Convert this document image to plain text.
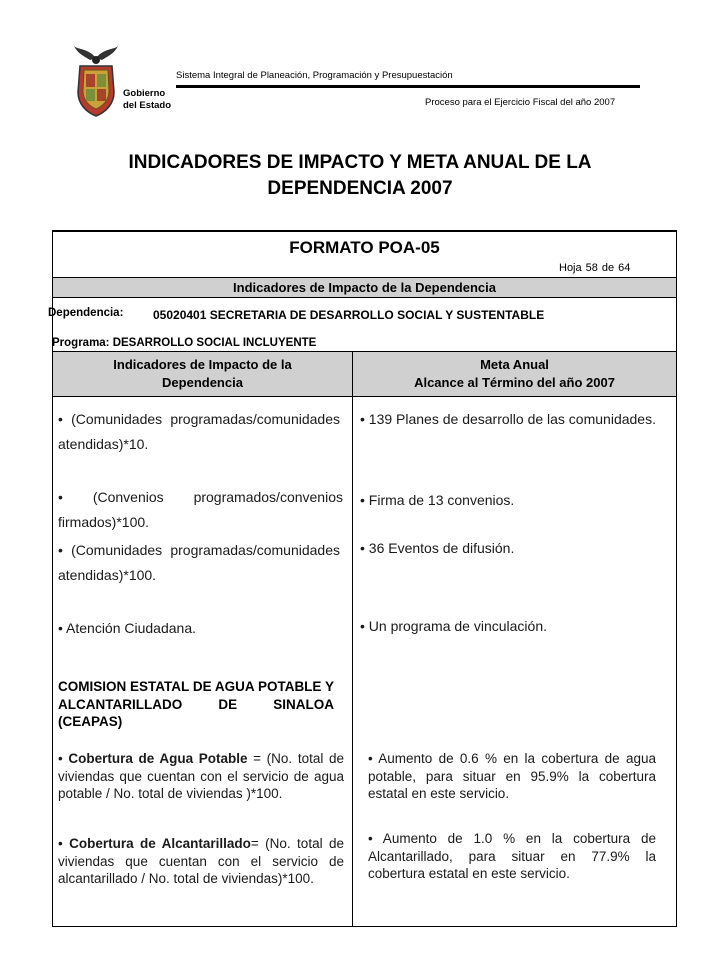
Gobierno
del Estado
Sistema Integral de Planeación, Programación y Presupuestación
Proceso para el Ejercicio Fiscal del año 2007
INDICADORES DE IMPACTO Y META ANUAL DE LA
DEPENDENCIA 2007
FORMATO POA-05
Hoja 58 de 64
Indicadores de Impacto de la Dependencia
Dependencia: 05020401 SECRETARIA DE DESARROLLO SOCIAL Y SUSTENTABLE
Programa: DESARROLLO SOCIAL INCLUYENTE
Indicadores de Impacto de la
Dependencia
Meta Anual
Alcance al Término del año 2007
• (Comunidades programadas/comunidades atendidas)*10.
• (Convenios programados/convenios firmados)*100.
• (Comunidades programadas/comunidades atendidas)*100.
• Atención Ciudadana.
COMISION ESTATAL DE AGUA POTABLE Y ALCANTARILLADO DE SINALOA (CEAPAS)
• Cobertura de Agua Potable = (No. total de viviendas que cuentan con el servicio de agua potable / No. total de viviendas )*100.
• Cobertura de Alcantarillado= (No. total de viviendas que cuentan con el servicio de alcantarillado / No. total de viviendas)*100.
• 139 Planes de desarrollo de las comunidades.
• Firma de 13 convenios.
• 36 Eventos de difusión.
• Un programa de vinculación.
• Aumento de 0.6 % en la cobertura de agua potable, para situar en 95.9% la cobertura estatal en este servicio.
• Aumento de 1.0 % en la cobertura de Alcantarillado, para situar en 77.9% la cobertura estatal en este servicio.
